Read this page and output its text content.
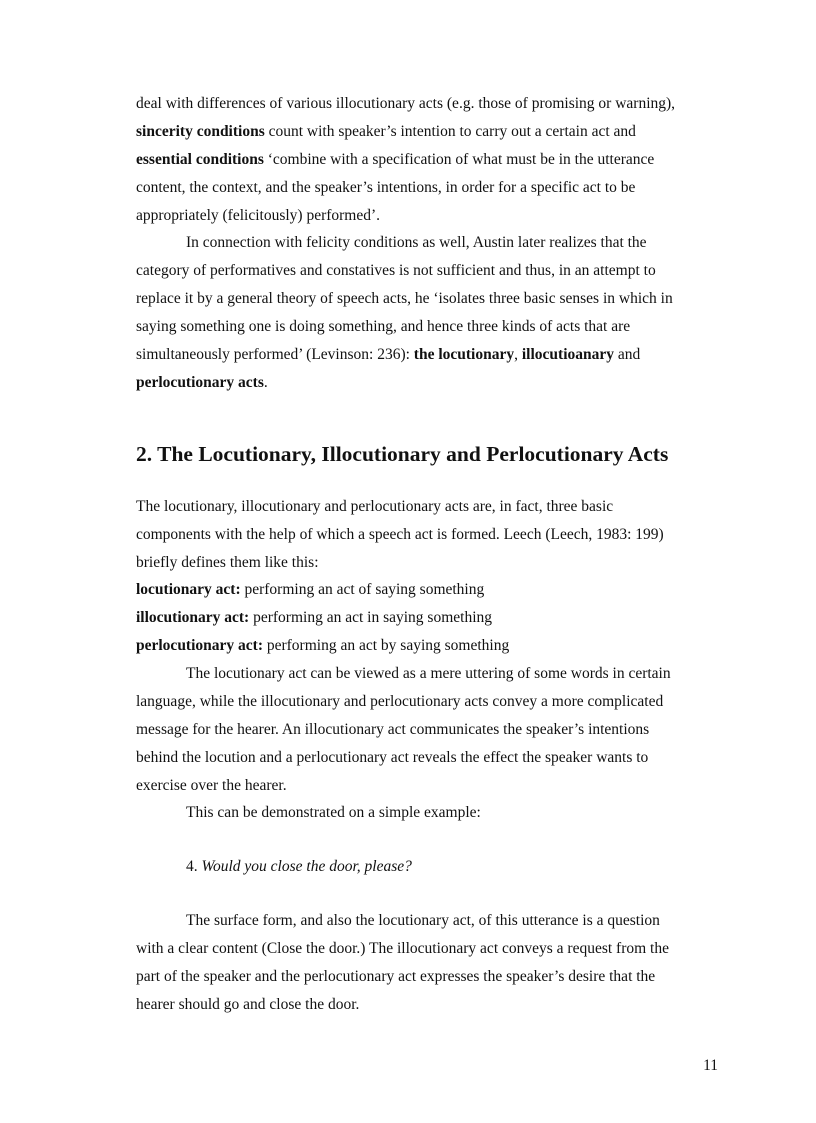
deal with differences of various illocutionary acts (e.g. those of promising or warning),

sincerity conditions count with speaker’s intention to carry out a certain act and

essential conditions ‘combine with a specification of what must be in the utterance

content, the context, and the speaker’s intentions, in order for a specific act to be

appropriately (felicitously) performed’.

In connection with felicity conditions as well, Austin later realizes that the

category of performatives and constatives is not sufficient and thus, in an attempt to

replace it by a general theory of speech acts, he ‘isolates three basic senses in which in

saying something one is doing something, and hence three kinds of acts that are

simultaneously performed’ (Levinson: 236): the locutionary, illocutioanary and

perlocutionary acts.

2. The Locutionary, Illocutionary and Perlocutionary Acts

The locutionary, illocutionary and perlocutionary acts are, in fact, three basic

components with the help of which a speech act is formed. Leech (Leech, 1983: 199)

briefly defines them like this:

locutionary act: performing an act of saying something

illocutionary act: performing an act in saying something

perlocutionary act: performing an act by saying something

The locutionary act can be viewed as a mere uttering of some words in certain

language, while the illocutionary and perlocutionary acts convey a more complicated

message for the hearer. An illocutionary act communicates the speaker’s intentions

behind the locution and a perlocutionary act reveals the effect the speaker wants to

exercise over the hearer.

This can be demonstrated on a simple example:

4. Would you close the door, please?

The surface form, and also the locutionary act, of this utterance is a question

with a clear content (Close the door.) The illocutionary act conveys a request from the

part of the speaker and the perlocutionary act expresses the speaker’s desire that the

hearer should go and close the door.

11
